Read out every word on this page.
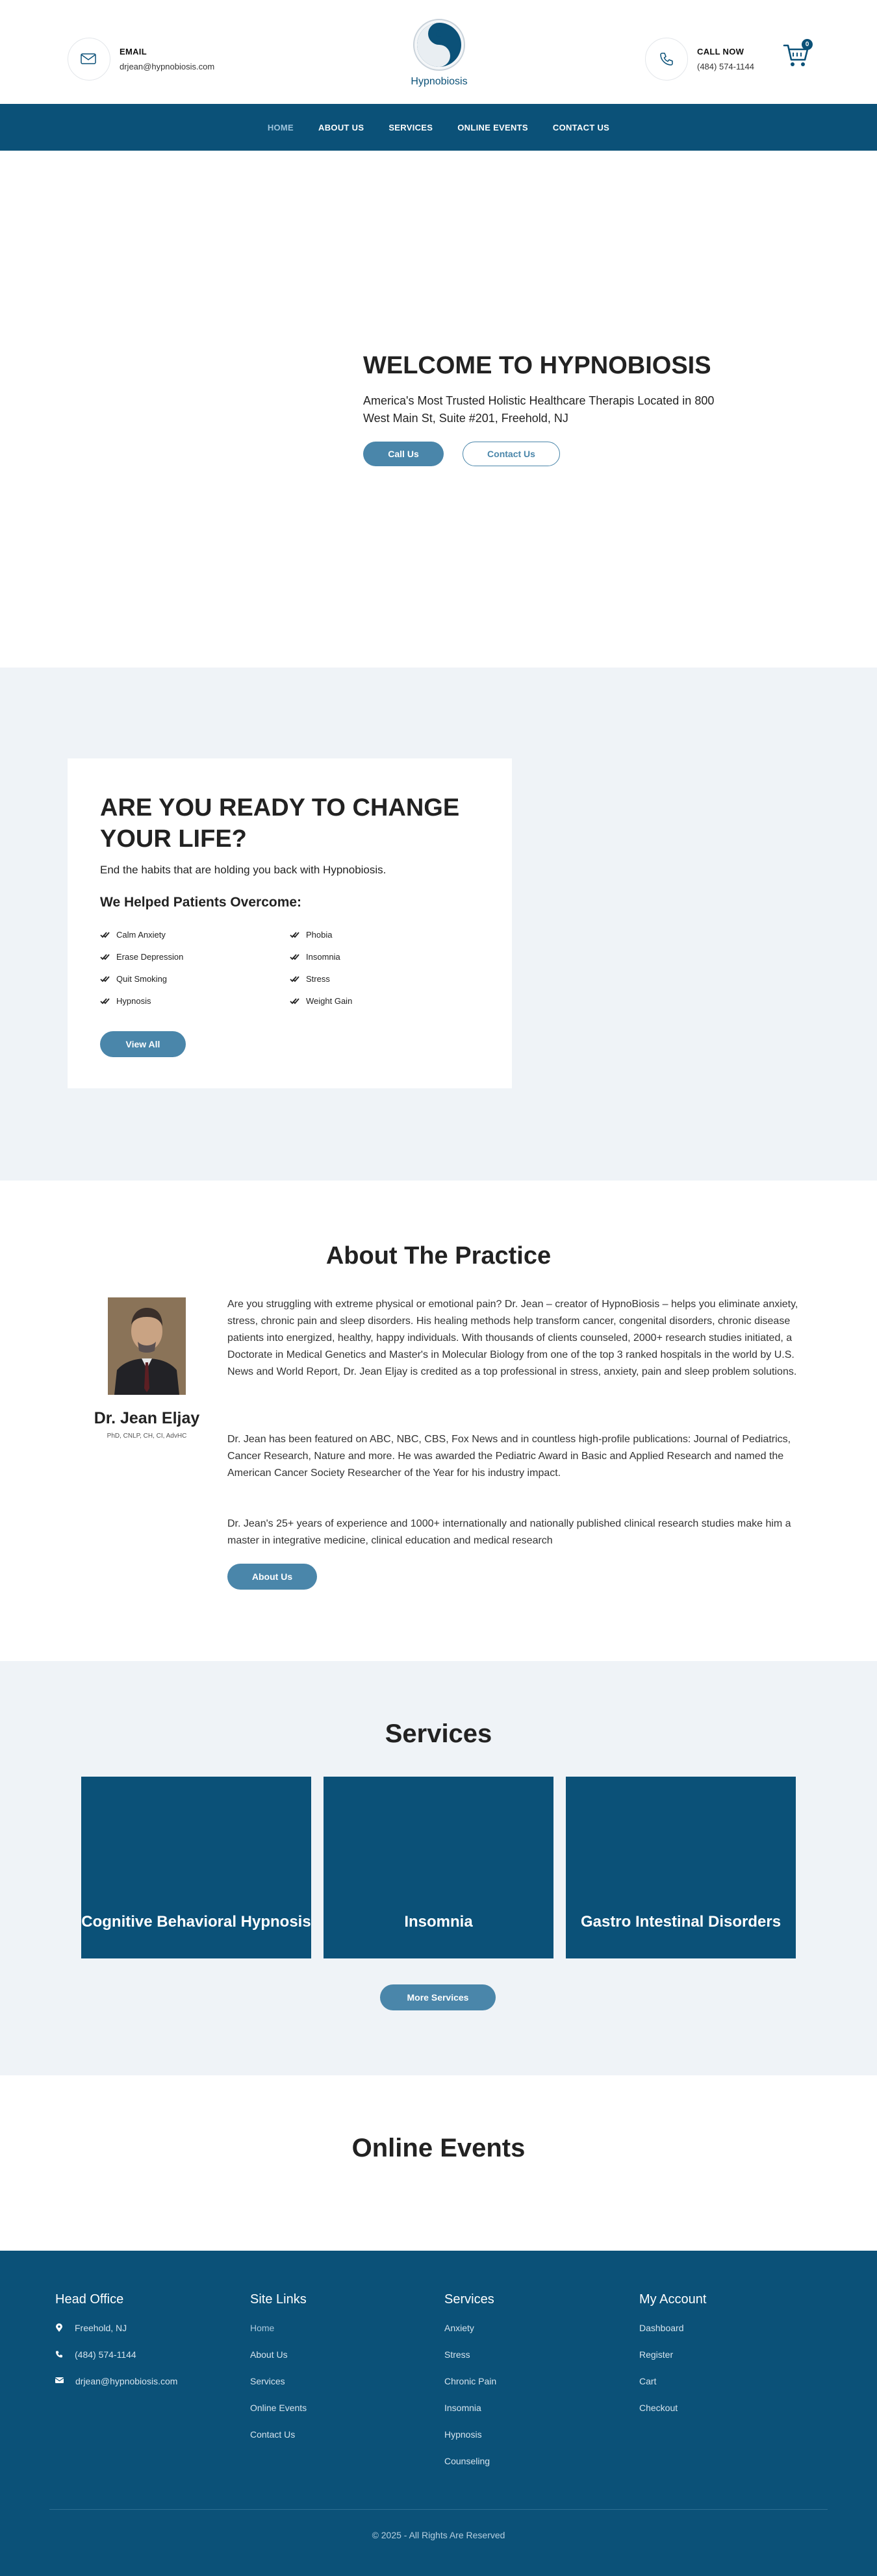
EMAIL
drjean@hypnobiosis.com
Hypnobiosis
CALL NOW
(484) 574-1144
0
HOME	ABOUT US	SERVICES	ONLINE EVENTS	CONTACT US
WELCOME TO HYPNOBIOSIS

America's Most Trusted Holistic Healthcare Therapis Located in 800 West Main St, Suite #201, Freehold, NJ

Call Us	Contact Us
ARE YOU READY TO CHANGE YOUR LIFE?

End the habits that are holding you back with Hypnobiosis.

We Helped Patients Overcome:
Calm Anxiety
Erase Depression
Quit Smoking
Hypnosis
Phobia
Insomnia
Stress
Weight Gain
View All
About The Practice
Dr. Jean Eljay
PhD, CNLP, CH, CI, AdvHC

Are you struggling with extreme physical or emotional pain? Dr. Jean – creator of HypnoBiosis – helps you eliminate anxiety, stress, chronic pain and sleep disorders. His healing methods help transform cancer, congenital disorders, chronic disease patients into energized, healthy, happy individuals. With thousands of clients counseled, 2000+ research studies initiated, a Doctorate in Medical Genetics and Master's in Molecular Biology from one of the top 3 ranked hospitals in the world by U.S. News and World Report, Dr. Jean Eljay is credited as a top professional in stress, anxiety, pain and sleep problem solutions.

Dr. Jean has been featured on ABC, NBC, CBS, Fox News and in countless high-profile publications: Journal of Pediatrics, Cancer Research, Nature and more. He was awarded the Pediatric Award in Basic and Applied Research and named the American Cancer Society Researcher of the Year for his industry impact.

Dr. Jean's 25+ years of experience and 1000+ internationally and nationally published clinical research studies make him a master in integrative medicine, clinical education and medical research

About Us
Services
Cognitive Behavioral Hypnosis	Insomnia	Gastro Intestinal Disorders
More Services
Online Events
Head Office
Freehold, NJ
(484) 574-1144
drjean@hypnobiosis.com
Site Links
Home
About Us
Services
Online Events
Contact Us
Services
Anxiety
Stress
Chronic Pain
Insomnia
Hypnosis
Counseling
My Account
Dashboard
Register
Cart
Checkout
© 2025 - All Rights Are Reserved
